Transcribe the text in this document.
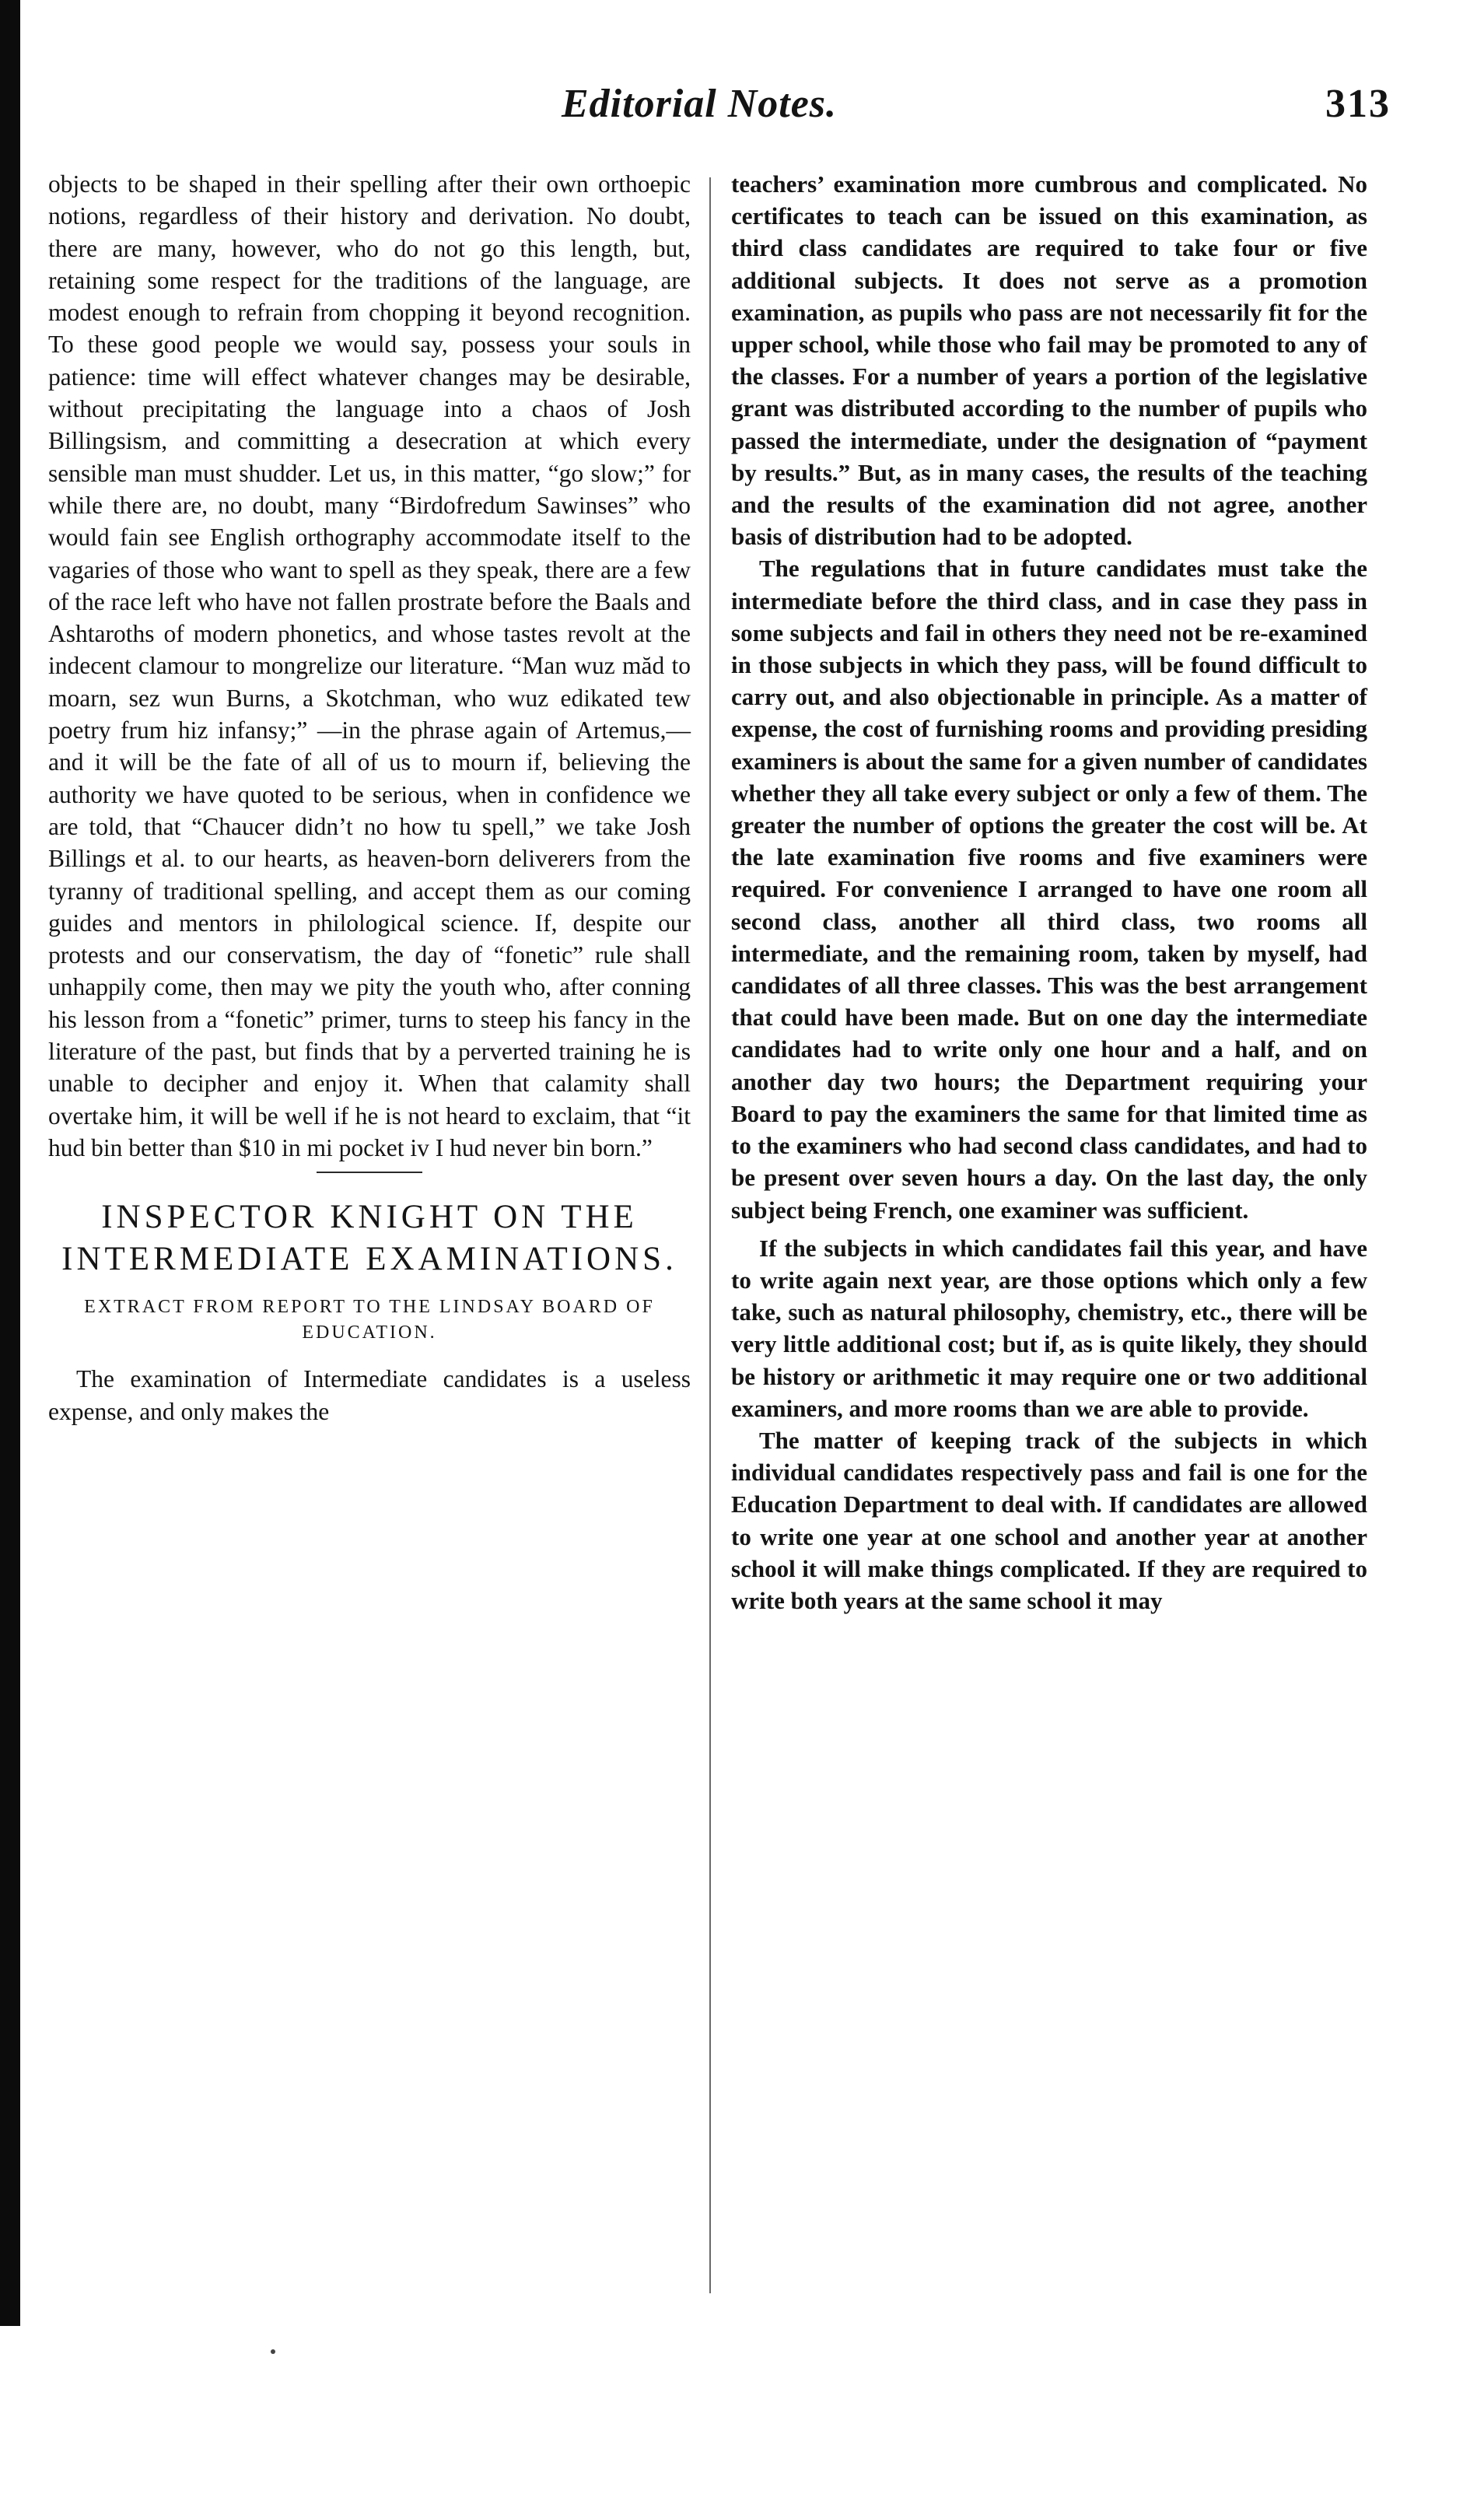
Editorial Notes.	313

objects to be shaped in their spelling after their own orthoepic notions, regardless of their history and derivation. No doubt, there are many, however, who do not go this length, but, retaining some respect for the traditions of the language, are modest enough to refrain from chopping it beyond recognition. To these good people we would say, possess your souls in patience: time will effect whatever changes may be desirable, without precipitating the language into a chaos of Josh Billingsism, and committing a desecration at which every sensible man must shudder. Let us, in this matter, “go slow;” for while there are, no doubt, many “Birdofredum Sawinses” who would fain see English orthography accommodate itself to the vagaries of those who want to spell as they speak, there are a few of the race left who have not fallen prostrate before the Baals and Ashtaroths of modern phonetics, and whose tastes revolt at the indecent clamour to mongrelize our literature. “Man wuz măd to moarn, sez wun Burns, a Skotchman, who wuz edikated tew poetry frum hiz infansy;” —in the phrase again of Artemus,—and it will be the fate of all of us to mourn if, believing the authority we have quoted to be serious, when in confidence we are told, that “Chaucer didn’t no how tu spell,” we take Josh Billings et al. to our hearts, as heaven-born deliverers from the tyranny of traditional spelling, and accept them as our coming guides and mentors in philological science. If, despite our protests and our conservatism, the day of “fonetic” rule shall unhappily come, then may we pity the youth who, after conning his lesson from a “fonetic” primer, turns to steep his fancy in the literature of the past, but finds that by a perverted training he is unable to decipher and enjoy it. When that calamity shall overtake him, it will be well if he is not heard to exclaim, that “it hud bin better than $10 in mi pocket iv I hud never bin born.”

INSPECTOR KNIGHT ON THE INTERMEDIATE EXAMINATIONS.
EXTRACT FROM REPORT TO THE LINDSAY BOARD OF EDUCATION.

The examination of Intermediate candidates is a useless expense, and only makes the

teachers’ examination more cumbrous and complicated. No certificates to teach can be issued on this examination, as third class candidates are required to take four or five additional subjects. It does not serve as a promotion examination, as pupils who pass are not necessarily fit for the upper school, while those who fail may be promoted to any of the classes. For a number of years a portion of the legislative grant was distributed according to the number of pupils who passed the intermediate, under the designation of “payment by results.” But, as in many cases, the results of the teaching and the results of the examination did not agree, another basis of distribution had to be adopted.

The regulations that in future candidates must take the intermediate before the third class, and in case they pass in some subjects and fail in others they need not be re-examined in those subjects in which they pass, will be found difficult to carry out, and also objectionable in principle. As a matter of expense, the cost of furnishing rooms and providing presiding examiners is about the same for a given number of candidates whether they all take every subject or only a few of them. The greater the number of options the greater the cost will be. At the late examination five rooms and five examiners were required. For convenience I arranged to have one room all second class, another all third class, two rooms all intermediate, and the remaining room, taken by myself, had candidates of all three classes. This was the best arrangement that could have been made. But on one day the intermediate candidates had to write only one hour and a half, and on another day two hours; the Department requiring your Board to pay the examiners the same for that limited time as to the examiners who had second class candidates, and had to be present over seven hours a day. On the last day, the only subject being French, one examiner was sufficient.

If the subjects in which candidates fail this year, and have to write again next year, are those options which only a few take, such as natural philosophy, chemistry, etc., there will be very little additional cost; but if, as is quite likely, they should be history or arithmetic it may require one or two additional examiners, and more rooms than we are able to provide.

The matter of keeping track of the subjects in which individual candidates respectively pass and fail is one for the Education Department to deal with. If candidates are allowed to write one year at one school and another year at another school it will make things complicated. If they are required to write both years at the same school it may
